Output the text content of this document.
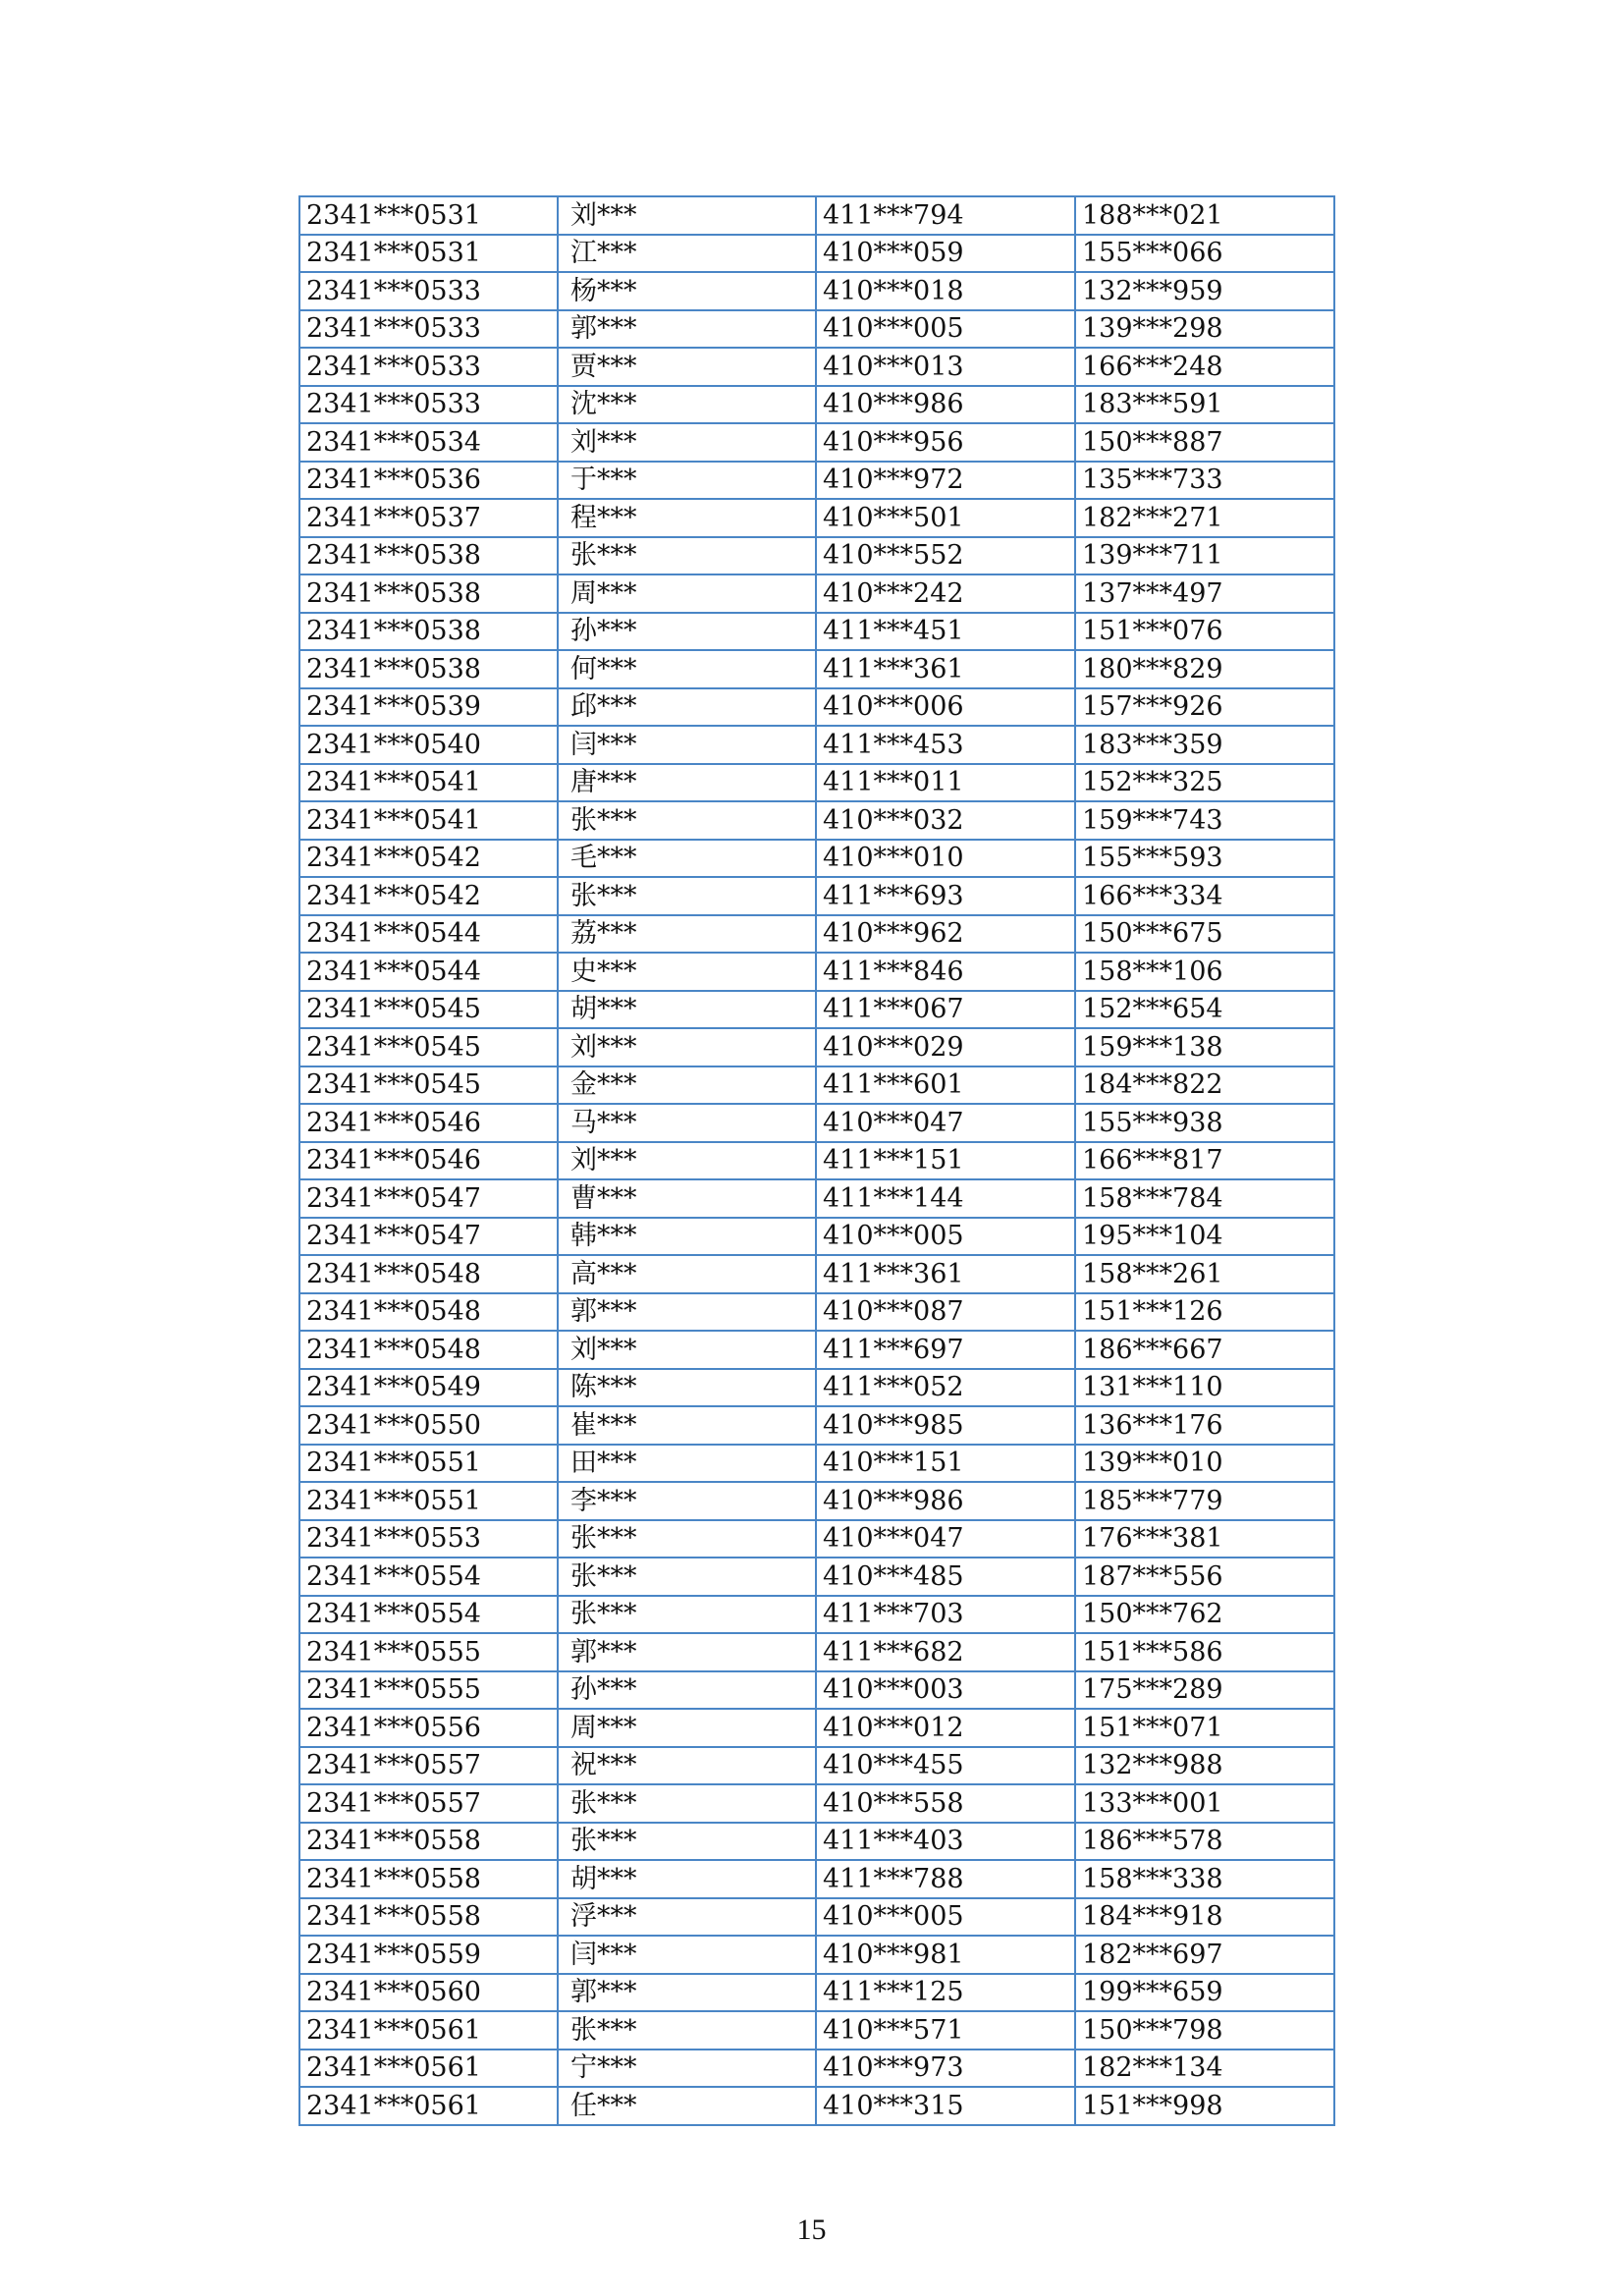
2341***0531	刘***	411***794	188***021
2341***0531	江***	410***059	155***066
2341***0533	杨***	410***018	132***959
2341***0533	郭***	410***005	139***298
2341***0533	贾***	410***013	166***248
2341***0533	沈***	410***986	183***591
2341***0534	刘***	410***956	150***887
2341***0536	于***	410***972	135***733
2341***0537	程***	410***501	182***271
2341***0538	张***	410***552	139***711
2341***0538	周***	410***242	137***497
2341***0538	孙***	411***451	151***076
2341***0538	何***	411***361	180***829
2341***0539	邱***	410***006	157***926
2341***0540	闫***	411***453	183***359
2341***0541	唐***	411***011	152***325
2341***0541	张***	410***032	159***743
2341***0542	毛***	410***010	155***593
2341***0542	张***	411***693	166***334
2341***0544	荔***	410***962	150***675
2341***0544	史***	411***846	158***106
2341***0545	胡***	411***067	152***654
2341***0545	刘***	410***029	159***138
2341***0545	金***	411***601	184***822
2341***0546	马***	410***047	155***938
2341***0546	刘***	411***151	166***817
2341***0547	曹***	411***144	158***784
2341***0547	韩***	410***005	195***104
2341***0548	高***	411***361	158***261
2341***0548	郭***	410***087	151***126
2341***0548	刘***	411***697	186***667
2341***0549	陈***	411***052	131***110
2341***0550	崔***	410***985	136***176
2341***0551	田***	410***151	139***010
2341***0551	李***	410***986	185***779
2341***0553	张***	410***047	176***381
2341***0554	张***	410***485	187***556
2341***0554	张***	411***703	150***762
2341***0555	郭***	411***682	151***586
2341***0555	孙***	410***003	175***289
2341***0556	周***	410***012	151***071
2341***0557	祝***	410***455	132***988
2341***0557	张***	410***558	133***001
2341***0558	张***	411***403	186***578
2341***0558	胡***	411***788	158***338
2341***0558	浮***	410***005	184***918
2341***0559	闫***	410***981	182***697
2341***0560	郭***	411***125	199***659
2341***0561	张***	410***571	150***798
2341***0561	宁***	410***973	182***134
2341***0561	任***	410***315	151***998
15
